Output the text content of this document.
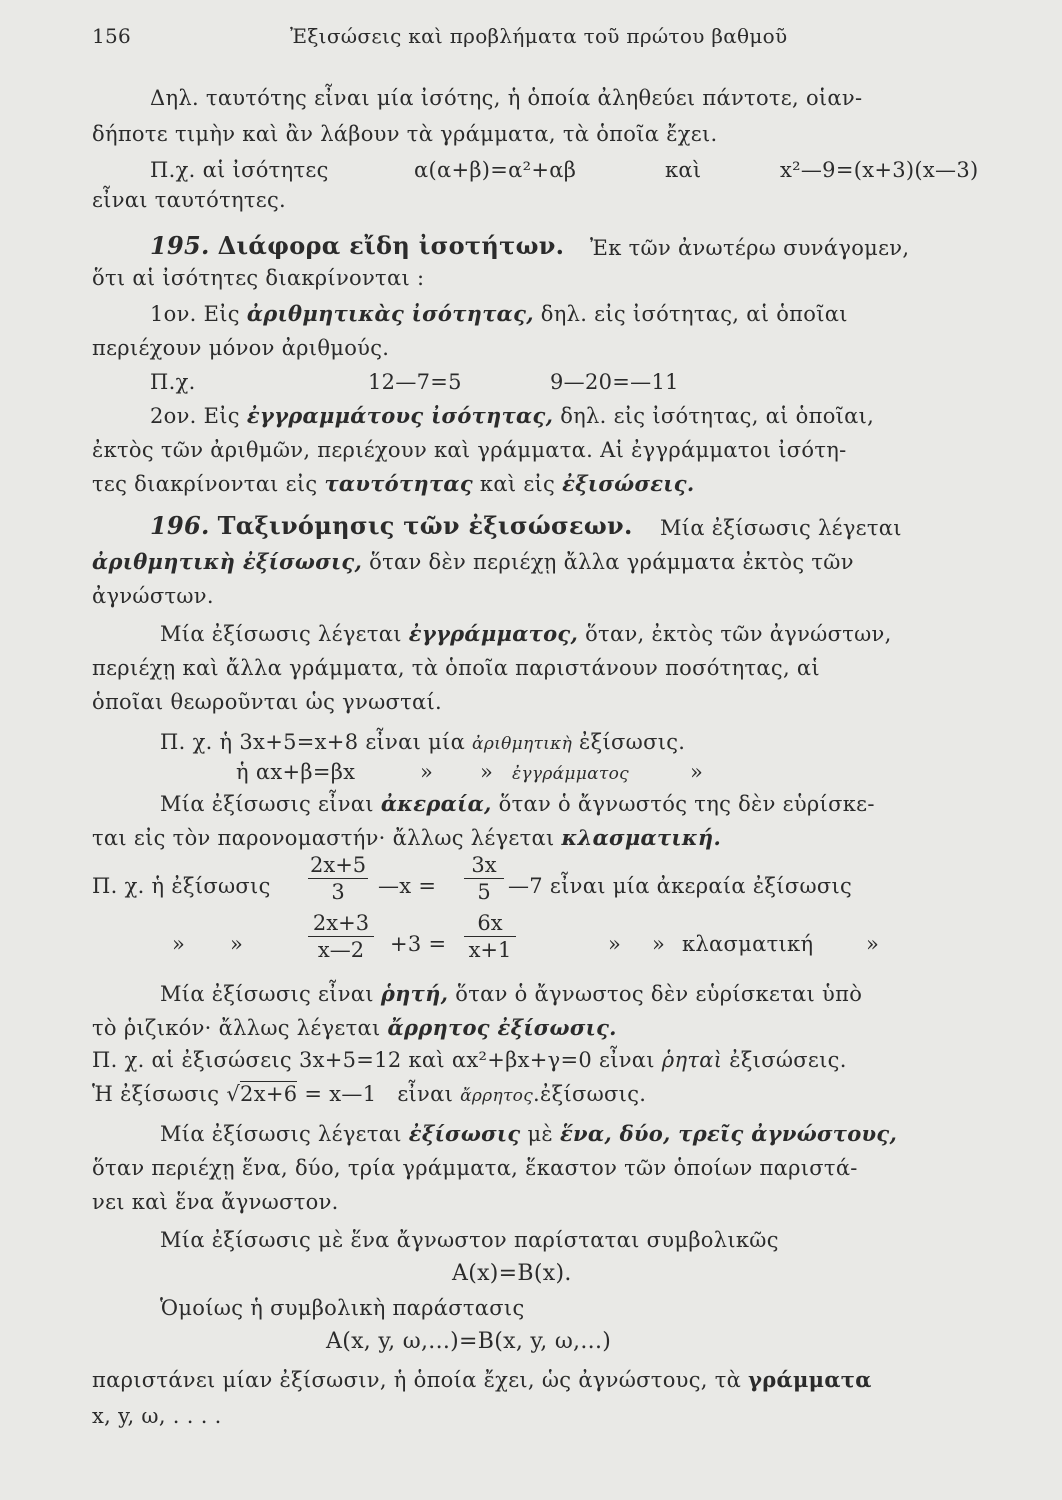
156	Ἐξισώσεις καὶ προβλήματα τοῦ πρώτου βαθμοῦ
Δηλ. ταυτότης εἶναι μία ἰσότης, ἡ ὁποία ἀληθεύει πάντοτε, οἱαν-
δήποτε τιμὴν καὶ ἂν λάβουν τὰ γράμματα, τὰ ὁποῖα ἔχει.
Π.χ. αἱ ἰσότητες	α(α+β)=α²+αβ	καὶ	x²—9=(x+3)(x—3)
εἶναι ταυτότητες.
195. Διάφορα εἴδη ἰσοτήτων. Ἐκ τῶν ἀνωτέρω συνάγομεν,
ὅτι αἱ ἰσότητες διακρίνονται :
1ον. Εἰς ἀριθμητικὰς ἰσότητας, δηλ. εἰς ἰσότητας, αἱ ὁποῖαι
περιέχουν μόνον ἀριθμούς.
Π.χ.	12—7=5	9—20=—11
2ον. Εἰς ἐγγραμμάτους ἰσότητας, δηλ. εἰς ἰσότητας, αἱ ὁποῖαι,
ἐκτὸς τῶν ἀριθμῶν, περιέχουν καὶ γράμματα. Αἱ ἐγγράμματοι ἰσότη-
τες διακρίνονται εἰς ταυτότητας καὶ εἰς ἐξισώσεις.
196. Ταξινόμησις τῶν ἐξισώσεων. Μία ἐξίσωσις λέγεται
ἀριθμητικὴ ἐξίσωσις, ὅταν δὲν περιέχῃ ἄλλα γράμματα ἐκτὸς τῶν
ἀγνώστων.
Μία ἐξίσωσις λέγεται ἐγγράμματος, ὅταν, ἐκτὸς τῶν ἀγνώστων,
περιέχῃ καὶ ἄλλα γράμματα, τὰ ὁποῖα παριστάνουν ποσότητας, αἱ
ὁποῖαι θεωροῦνται ὡς γνωσταί.
Π. χ. ἡ 3x+5=x+8 εἶναι μία ἀριθμητικὴ ἐξίσωσις.
ἡ αx+β=βx	» » ἐγγράμματος	»
Μία ἐξίσωσις εἶναι ἀκεραία, ὅταν ὁ ἄγνωστός της δὲν εὑρίσκε-
ται εἰς τὸν παρονομαστήν· ἄλλως λέγεται κλασματική.
Π. χ. ἡ ἐξίσωσις $\frac{2x+5}{3}$ —x = $\frac{3x}{5}$ —7 εἶναι μία ἀκεραία ἐξίσωσις
» »	$\frac{2x+3}{x—2} +3 = \frac{6x}{x+1}$	» » κλασματική	»
Μία ἐξίσωσις εἶναι ῥητή, ὅταν ὁ ἄγνωστος δὲν εὑρίσκεται ὑπὸ
τὸ ῥιζικόν· ἄλλως λέγεται ἄρρητος ἐξίσωσις.
Π. χ. αἱ ἐξισώσεις 3x+5=12 καὶ αx²+βx+γ=0 εἶναι ῥηταὶ ἐξισώσεις.
Ἡ ἐξίσωσις √2x+6 = x—1 εἶναι ἄρρητος.ἐξίσωσις.
Μία ἐξίσωσις λέγεται ἐξίσωσις μὲ ἕνα, δύο, τρεῖς ἀγνώστους,
ὅταν περιέχῃ ἕνα, δύο, τρία γράμματα, ἕκαστον τῶν ὁποίων παριστά-
νει καὶ ἕνα ἄγνωστον.
Μία ἐξίσωσις μὲ ἕνα ἄγνωστον παρίσταται συμβολικῶς
A(x)=B(x).
Ὁμοίως ἡ συμβολικὴ παράστασις
A(x, y, ω,...)=B(x, y, ω,...)
παριστάνει μίαν ἐξίσωσιν, ἡ ὁποία ἔχει, ὡς ἀγνώστους, τὰ γράμματα
x, y, ω, . . . .
